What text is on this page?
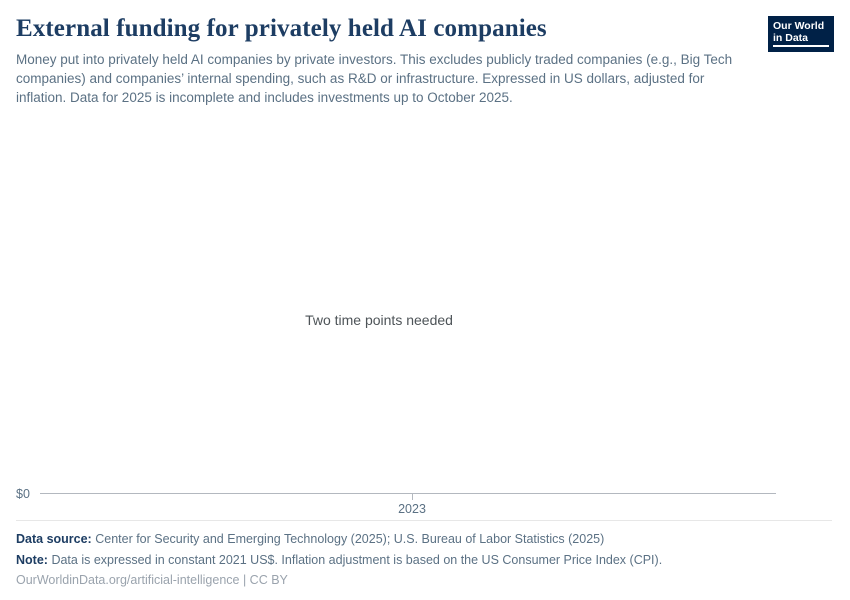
External funding for privately held AI companies

Money put into privately held AI companies by private investors. This excludes publicly traded companies (e.g., Big Tech companies) and companies’ internal spending, such as R&D or infrastructure. Expressed in US dollars, adjusted for inflation. Data for 2025 is incomplete and includes investments up to October 2025.

Our World
in Data
Two time points needed
$0
2023
Data source: Center for Security and Emerging Technology (2025); U.S. Bureau of Labor Statistics (2025)
Note: Data is expressed in constant 2021 US$. Inflation adjustment is based on the US Consumer Price Index (CPI).
OurWorldinData.org/artificial-intelligence | CC BY
